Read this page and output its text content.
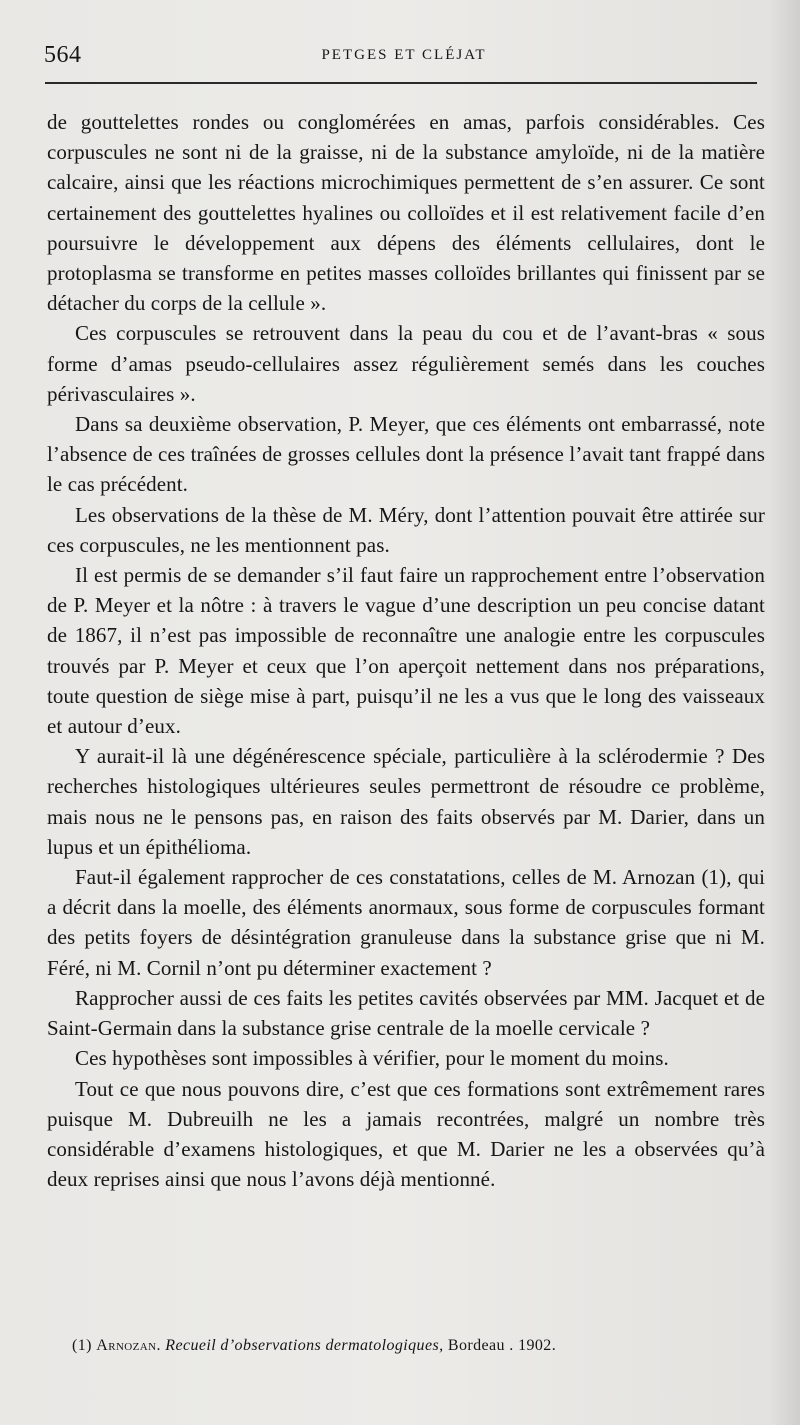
564	PETGES ET CLÉJAT

de gouttelettes rondes ou conglomérées en amas, parfois considérables. Ces corpuscules ne sont ni de la graisse, ni de la substance amyloïde, ni de la matière calcaire, ainsi que les réactions microchimiques permettent de s’en assurer. Ce sont certainement des gouttelettes hyalines ou colloïdes et il est relativement facile d’en poursuivre le développement aux dépens des éléments cellulaires, dont le protoplasma se transforme en petites masses colloïdes brillantes qui finissent par se détacher du corps de la cellule ».

Ces corpuscules se retrouvent dans la peau du cou et de l’avant-bras « sous forme d’amas pseudo-cellulaires assez régulièrement semés dans les couches périvasculaires ».

Dans sa deuxième observation, P. Meyer, que ces éléments ont embarrassé, note l’absence de ces traînées de grosses cellules dont la présence l’avait tant frappé dans le cas précédent.

Les observations de la thèse de M. Méry, dont l’attention pouvait être attirée sur ces corpuscules, ne les mentionnent pas.

Il est permis de se demander s’il faut faire un rapprochement entre l’observation de P. Meyer et la nôtre : à travers le vague d’une description un peu concise datant de 1867, il n’est pas impossible de reconnaître une analogie entre les corpuscules trouvés par P. Meyer et ceux que l’on aperçoit nettement dans nos préparations, toute question de siège mise à part, puisqu’il ne les a vus que le long des vaisseaux et autour d’eux.

Y aurait-il là une dégénérescence spéciale, particulière à la sclérodermie ? Des recherches histologiques ultérieures seules permettront de résoudre ce problème, mais nous ne le pensons pas, en raison des faits observés par M. Darier, dans un lupus et un épithélioma.

Faut-il également rapprocher de ces constatations, celles de M. Arnozan (1), qui a décrit dans la moelle, des éléments anormaux, sous forme de corpuscules formant des petits foyers de désintégration granuleuse dans la substance grise que ni M. Féré, ni M. Cornil n’ont pu déterminer exactement ?

Rapprocher aussi de ces faits les petites cavités observées par MM. Jacquet et de Saint-Germain dans la substance grise centrale de la moelle cervicale ?

Ces hypothèses sont impossibles à vérifier, pour le moment du moins.

Tout ce que nous pouvons dire, c’est que ces formations sont extrêmement rares puisque M. Dubreuilh ne les a jamais recontrées, malgré un nombre très considérable d’examens histologiques, et que M. Darier ne les a observées qu’à deux reprises ainsi que nous l’avons déjà mentionné.

(1) Arnozan. Recueil d’observations dermatologiques, Bordeau . 1902.
